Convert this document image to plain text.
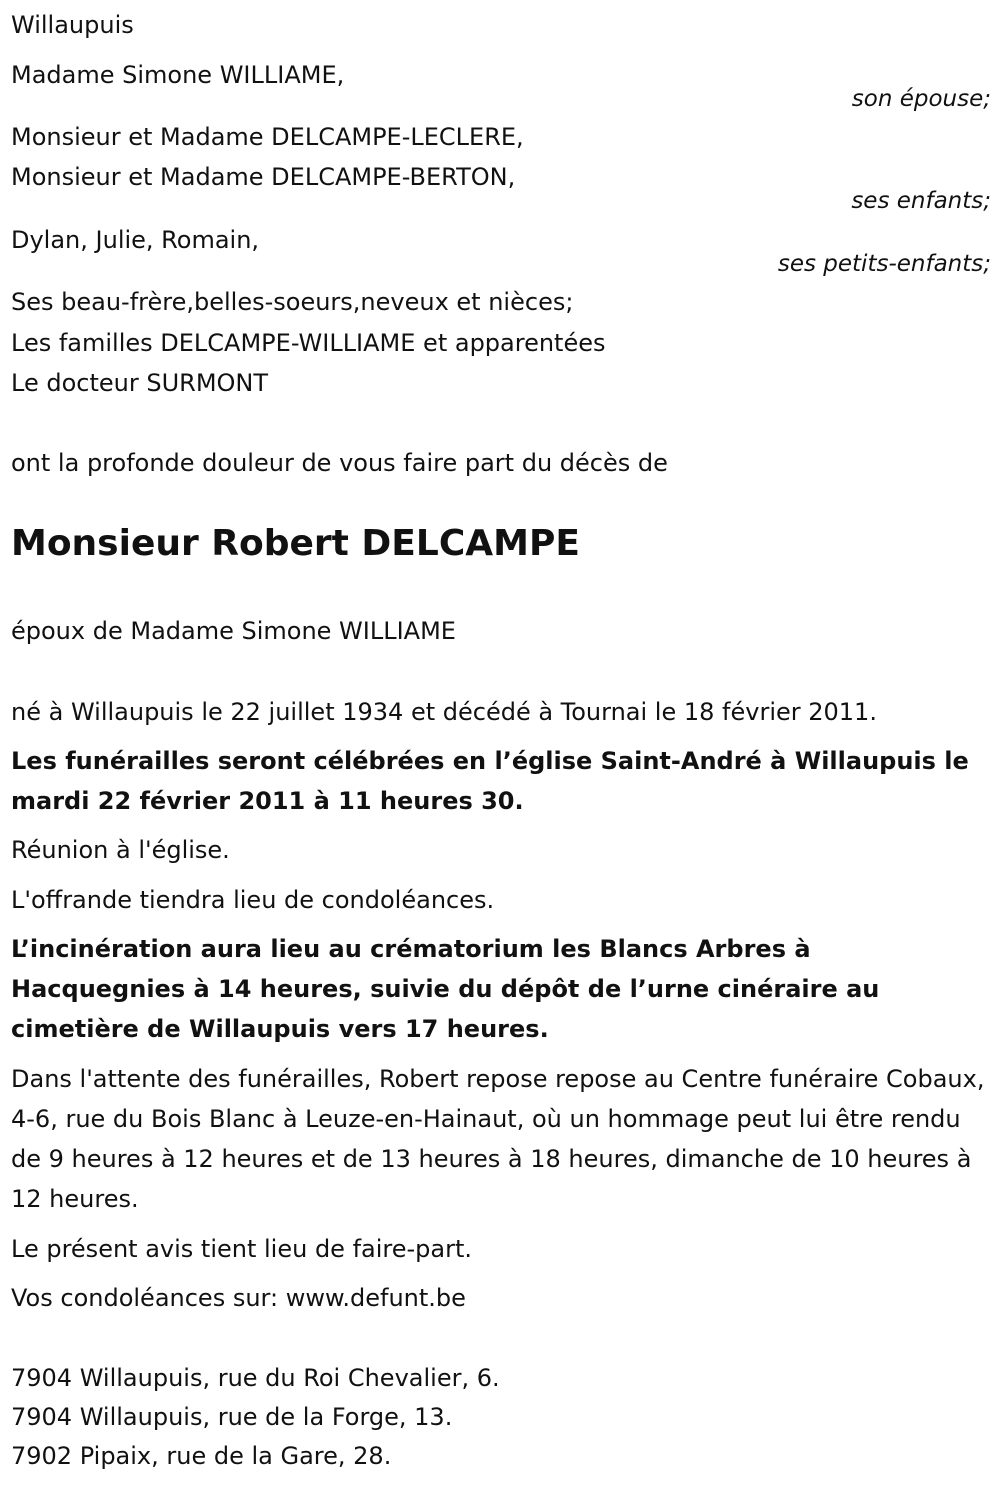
Willaupuis
Madame Simone WILLIAME,
son épouse;
Monsieur et Madame DELCAMPE-LECLERE,
Monsieur et Madame DELCAMPE-BERTON,
ses enfants;
Dylan, Julie, Romain,
ses petits-enfants;
Ses beau-frère,belles-soeurs,neveux et nièces;
Les familles DELCAMPE-WILLIAME et apparentées
Le docteur SURMONT
ont la profonde douleur de vous faire part du décès de
Monsieur Robert DELCAMPE
époux de Madame Simone WILLIAME
né à Willaupuis le 22 juillet 1934 et décédé à Tournai le 18 février 2011.
Les funérailles seront célébrées en l’église Saint-André à Willaupuis le mardi 22 février 2011 à 11 heures 30.
Réunion à l'église.
L'offrande tiendra lieu de condoléances.
L’incinération aura lieu au crématorium les Blancs Arbres à Hacquegnies à 14 heures, suivie du dépôt de l’urne cinéraire au cimetière de Willaupuis vers 17 heures.
Dans l'attente des funérailles, Robert repose repose au Centre funéraire Cobaux, 4-6, rue du Bois Blanc à Leuze-en-Hainaut, où un hommage peut lui être rendu de 9 heures à 12 heures et de 13 heures à 18 heures, dimanche de 10 heures à 12 heures.
Le présent avis tient lieu de faire-part.
Vos condoléances sur: www.defunt.be
7904 Willaupuis, rue du Roi Chevalier, 6.
7904 Willaupuis, rue de la Forge, 13.
7902 Pipaix, rue de la Gare, 28.
